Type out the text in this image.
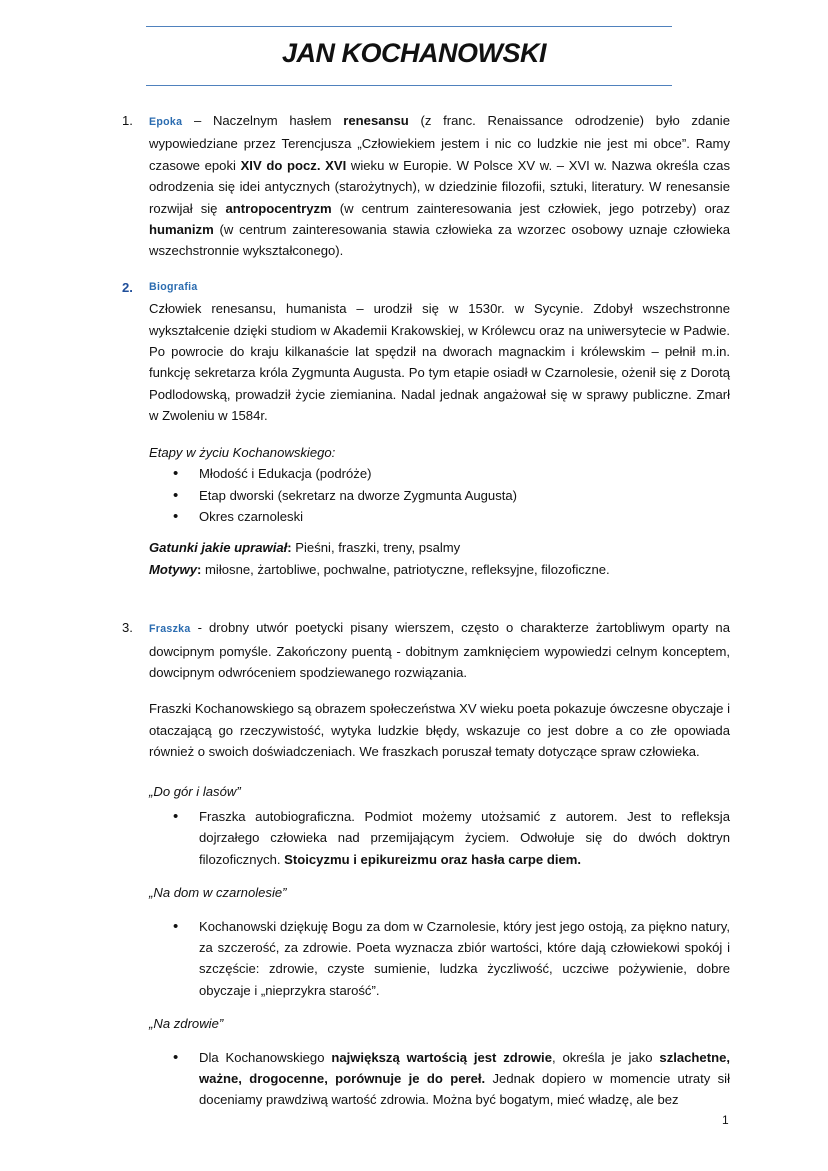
JAN KOCHANOWSKI
1. Epoka – Naczelnym hasłem renesansu (z franc. Renaissance odrodzenie) było zdanie wypowiedziane przez Terencjusza „Człowiekiem jestem i nic co ludzkie nie jest mi obce”. Ramy czasowe epoki XIV do pocz. XVI wieku w Europie. W Polsce XV w. – XVI w. Nazwa określa czas odrodzenia się idei antycznych (starożytnych), w dziedzinie filozofii, sztuki, literatury. W renesansie rozwijał się antropocentryzm (w centrum zainteresowania jest człowiek, jego potrzeby) oraz humanizm (w centrum zainteresowania stawia człowieka za wzorzec osobowy uznaje człowieka wszechstronnie wykształconego).

2. Biografia

Człowiek renesansu, humanista – urodził się w 1530r. w Sycynie. Zdobył wszechstronne wykształcenie dzięki studiom w Akademii Krakowskiej, w Królewcu oraz na uniwersytecie w Padwie. Po powrocie do kraju kilkanaście lat spędził na dworach magnackim i królewskim – pełnił m.in. funkcję sekretarza króla Zygmunta Augusta. Po tym etapie osiadł w Czarnolesie, ożenił się z Dorotą Podlodowską, prowadził życie ziemianina. Nadal jednak angażował się w sprawy publiczne. Zmarł w Zwoleniu w 1584r.

Etapy w życiu Kochanowskiego:
• Młodość i Edukacja (podróże)
• Etap dworski (sekretarz na dworze Zygmunta Augusta)
• Okres czarnoleski
Gatunki jakie uprawiał: Pieśni, fraszki, treny, psalmy
Motywy: miłosne, żartobliwe, pochwalne, patriotyczne, refleksyjne, filozoficzne.
3. Fraszka - drobny utwór poetycki pisany wierszem, często o charakterze żartobliwym oparty na dowcipnym pomyśle. Zakończony puentą - dobitnym zamknięciem wypowiedzi celnym konceptem, dowcipnym odwróceniem spodziewanego rozwiązania.

Fraszki Kochanowskiego są obrazem społeczeństwa XV wieku poeta pokazuje ówczesne obyczaje i otaczającą go rzeczywistość, wytyka ludzkie błędy, wskazuje co jest dobre a co złe opowiada również o swoich doświadczeniach. We fraszkach poruszał tematy dotyczące spraw człowieka.

„Do gór i lasów”
• Fraszka autobiograficzna. Podmiot możemy utożsamić z autorem. Jest to refleksja dojrzałego człowieka nad przemijającym życiem. Odwołuje się do dwóch doktryn filozoficznych. Stoicyzmu i epikureizmu oraz hasła carpe diem.
„Na dom w czarnolesie”
• Kochanowski dziękuję Bogu za dom w Czarnolesie, który jest jego ostoją, za piękno natury, za szczerość, za zdrowie. Poeta wyznacza zbiór wartości, które dają człowiekowi spokój i szczęście: zdrowie, czyste sumienie, ludzka życzliwość, uczciwe pożywienie, dobre obyczaje i „nieprzykra starość”.
„Na zdrowie”
• Dla Kochanowskiego największą wartością jest zdrowie, określa je jako szlachetne, ważne, drogocenne, porównuje je do pereł. Jednak dopiero w momencie utraty sił doceniamy prawdziwą wartość zdrowia. Można być bogatym, mieć władzę, ale bez
1
